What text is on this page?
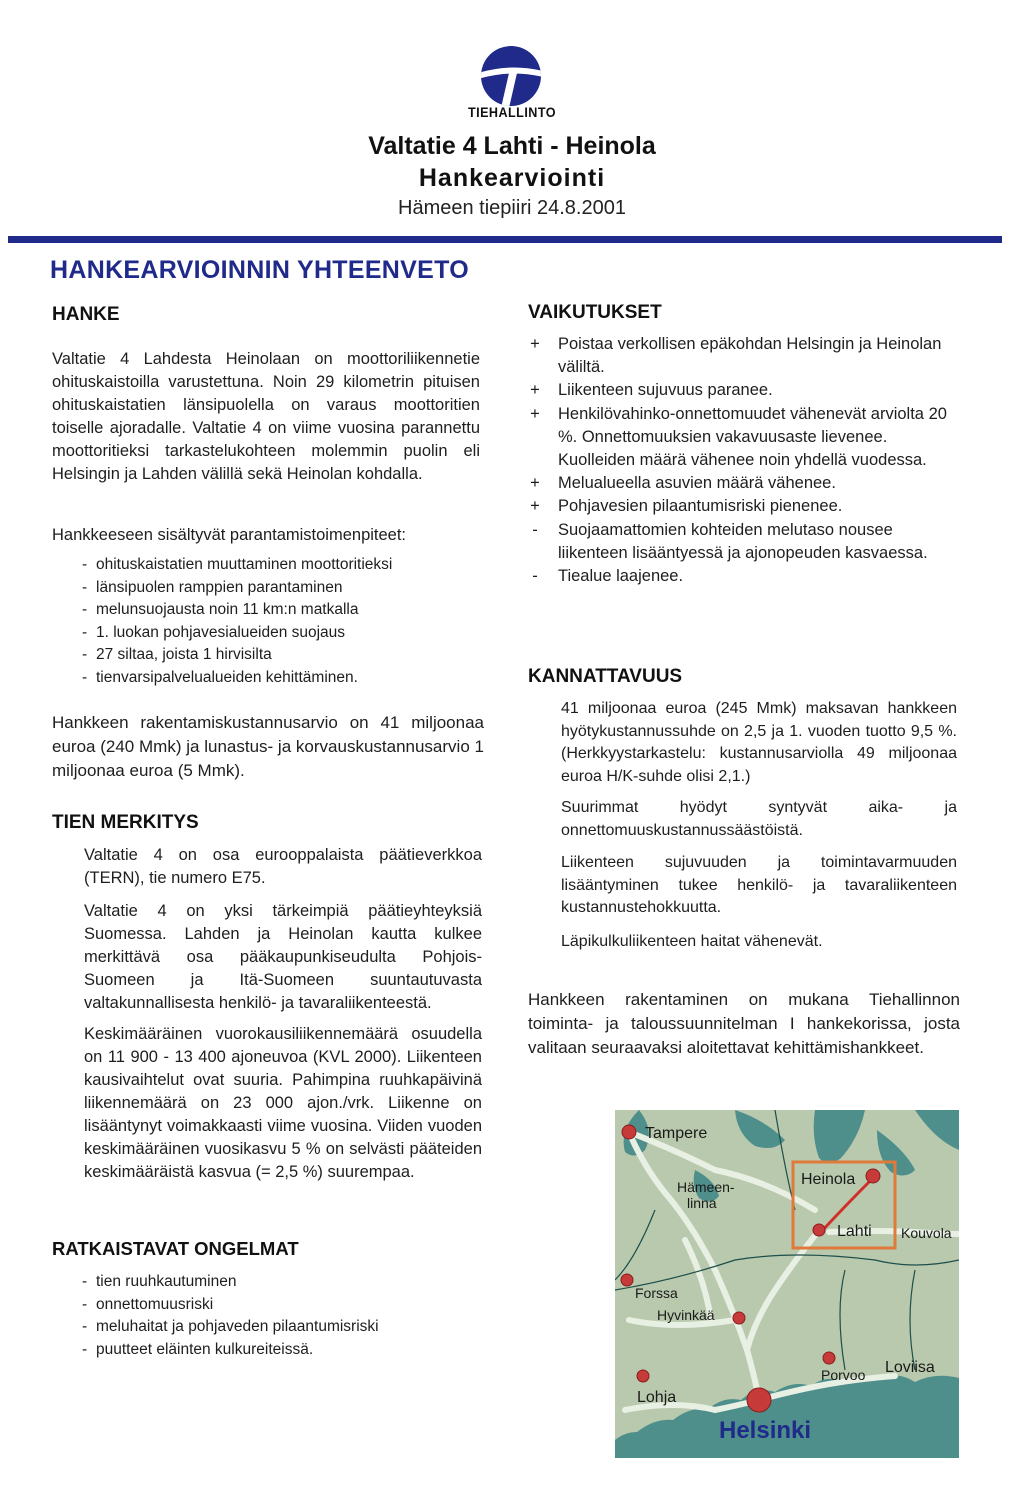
TIEHALLINTO
Valtatie 4 Lahti - Heinola
Hankearviointi
Hämeen tiepiiri 24.8.2001
HANKEARVIOINNIN YHTEENVETO
HANKE
Valtatie 4 Lahdesta Heinolaan on moottoriliikennetie ohituskaistoilla varustettuna. Noin 29 kilometrin pituisen ohituskaistatien länsipuolella on varaus moottoritien toiselle ajoradalle. Valtatie 4 on viime vuosina parannettu moottoritieksi tarkastelukohteen molemmin puolin eli Helsingin ja Lahden välillä sekä Heinolan kohdalla.
Hankkeeseen sisältyvät parantamistoimenpiteet:
- ohituskaistatien muuttaminen moottoritieksi
- länsipuolen ramppien parantaminen
- melunsuojausta noin 11 km:n matkalla
- 1. luokan pohjavesialueiden suojaus
- 27 siltaa, joista 1 hirvisilta
- tienvarsipalvelualueiden kehittäminen.
Hankkeen rakentamiskustannusarvio on 41 miljoonaa euroa (240 Mmk) ja lunastus- ja korvauskustannusarvio 1 miljoonaa euroa (5 Mmk).
TIEN MERKITYS
Valtatie 4 on osa eurooppalaista päätieverkkoa (TERN), tie numero E75.
Valtatie 4 on yksi tärkeimpiä päätieyhteyksiä Suomessa. Lahden ja Heinolan kautta kulkee merkittävä osa pääkaupunkiseudulta Pohjois-Suomeen ja Itä-Suomeen suuntautuvasta valtakunnallisesta henkilö- ja tavaraliikenteestä.
Keskimääräinen vuorokausiliikennemäärä osuudella on 11 900 - 13 400 ajoneuvoa (KVL 2000). Liikenteen kausivaihtelut ovat suuria. Pahimpina ruuhkapäivinä liikennemäärä on 23 000 ajon./vrk. Liikenne on lisääntynyt voimakkaasti viime vuosina. Viiden vuoden keskimääräinen vuosikasvu 5 % on selvästi pääteiden keskimääräistä kasvua (= 2,5 %) suurempaa.
RATKAISTAVAT ONGELMAT
- tien ruuhkautuminen
- onnettomuusriski
- meluhaitat ja pohjaveden pilaantumisriski
- puutteet eläinten kulkureiteissä.
VAIKUTUKSET
+ Poistaa verkollisen epäkohdan Helsingin ja Heinolan väliltä.
+ Liikenteen sujuvuus paranee.
+ Henkilövahinko-onnettomuudet vähenevät arviolta 20 %. Onnettomuuksien vakavuusaste lievenee. Kuolleiden määrä vähenee noin yhdellä vuodessa.
+ Melualueella asuvien määrä vähenee.
+ Pohjavesien pilaantumisriski pienenee.
- Suojaamattomien kohteiden melutaso nousee liikenteen lisääntyessä ja ajonopeuden kasvaessa.
- Tiealue laajenee.
KANNATTAVUUS
41 miljoonaa euroa (245 Mmk) maksavan hankkeen hyötykustannussuhde on 2,5 ja 1. vuoden tuotto 9,5 %. (Herkkyystarkastelu: kustannusarviolla 49 miljoonaa euroa H/K-suhde olisi 2,1.)
Suurimmat hyödyt syntyvät aika- ja onnettomuuskustannussäästöistä.
Liikenteen sujuvuuden ja toimintavarmuuden lisääntyminen tukee henkilö- ja tavaraliikenteen kustannustehokkuutta.
Läpikulkuliikenteen haitat vähenevät.
Hankkeen rakentaminen on mukana Tiehallinnon toiminta- ja taloussuunnitelman I hankekorissa, josta valitaan seuraavaksi aloitettavat kehittämishankkeet.
Tampere
Hämeen-
linna
Heinola
Lahti Kouvola
Forssa
Hyvinkää
Porvoo Loviisa
Lohja
Helsinki
